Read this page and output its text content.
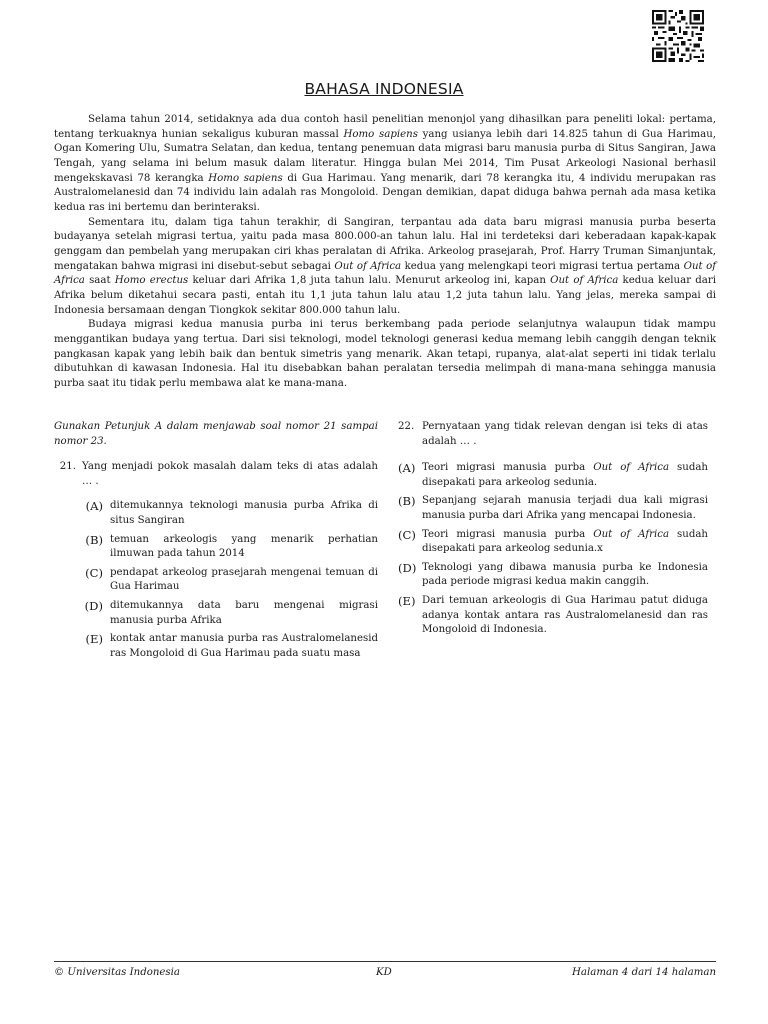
BAHASA INDONESIA

Selama tahun 2014, setidaknya ada dua contoh hasil penelitian menonjol yang dihasilkan para peneliti lokal: pertama, tentang terkuaknya hunian sekaligus kuburan massal Homo sapiens yang usianya lebih dari 14.825 tahun di Gua Harimau, Ogan Komering Ulu, Sumatra Selatan, dan kedua, tentang penemuan data migrasi baru manusia purba di Situs Sangiran, Jawa Tengah, yang selama ini belum masuk dalam literatur. Hingga bulan Mei 2014, Tim Pusat Arkeologi Nasional berhasil mengekskavasi 78 kerangka Homo sapiens di Gua Harimau. Yang menarik, dari 78 kerangka itu, 4 individu merupakan ras Australomelanesid dan 74 individu lain adalah ras Mongoloid. Dengan demikian, dapat diduga bahwa pernah ada masa ketika kedua ras ini bertemu dan berinteraksi.

Sementara itu, dalam tiga tahun terakhir, di Sangiran, terpantau ada data baru migrasi manusia purba beserta budayanya setelah migrasi tertua, yaitu pada masa 800.000-an tahun lalu. Hal ini terdeteksi dari keberadaan kapak-kapak genggam dan pembelah yang merupakan ciri khas peralatan di Afrika. Arkeolog prasejarah, Prof. Harry Truman Simanjuntak, mengatakan bahwa migrasi ini disebut-sebut sebagai Out of Africa kedua yang melengkapi teori migrasi tertua pertama Out of Africa saat Homo erectus keluar dari Afrika 1,8 juta tahun lalu. Menurut arkeolog ini, kapan Out of Africa kedua keluar dari Afrika belum diketahui secara pasti, entah itu 1,1 juta tahun lalu atau 1,2 juta tahun lalu. Yang jelas, mereka sampai di Indonesia bersamaan dengan Tiongkok sekitar 800.000 tahun lalu.

Budaya migrasi kedua manusia purba ini terus berkembang pada periode selanjutnya walaupun tidak mampu menggantikan budaya yang tertua. Dari sisi teknologi, model teknologi generasi kedua memang lebih canggih dengan teknik pangkasan kapak yang lebih baik dan bentuk simetris yang menarik. Akan tetapi, rupanya, alat-alat seperti ini tidak terlalu dibutuhkan di kawasan Indonesia. Hal itu disebabkan bahan peralatan tersedia melimpah di mana-mana sehingga manusia purba saat itu tidak perlu membawa alat ke mana-mana.

Gunakan Petunjuk A dalam menjawab soal nomor 21 sampai nomor 23.
21. Yang menjadi pokok masalah dalam teks di atas adalah … .
(A) ditemukannya teknologi manusia purba Afrika di situs Sangiran
(B) temuan arkeologis yang menarik perhatian ilmuwan pada tahun 2014
(C) pendapat arkeolog prasejarah mengenai temuan di Gua Harimau
(D) ditemukannya data baru mengenai migrasi manusia purba Afrika
(E) kontak antar manusia purba ras Australomelanesid ras Mongoloid di Gua Harimau pada suatu masa
22. Pernyataan yang tidak relevan dengan isi teks di atas adalah … .
(A) Teori migrasi manusia purba Out of Africa sudah disepakati para arkeolog sedunia.
(B) Sepanjang sejarah manusia terjadi dua kali migrasi manusia purba dari Afrika yang mencapai Indonesia.
(C) Teori migrasi manusia purba Out of Africa sudah disepakati para arkeolog sedunia.x
(D) Teknologi yang dibawa manusia purba ke Indonesia pada periode migrasi kedua makin canggih.
(E) Dari temuan arkeologis di Gua Harimau patut diduga adanya kontak antara ras Australomelanesid dan ras Mongoloid di Indonesia.
© Universitas Indonesia	KD	Halaman 4 dari 14 halaman
